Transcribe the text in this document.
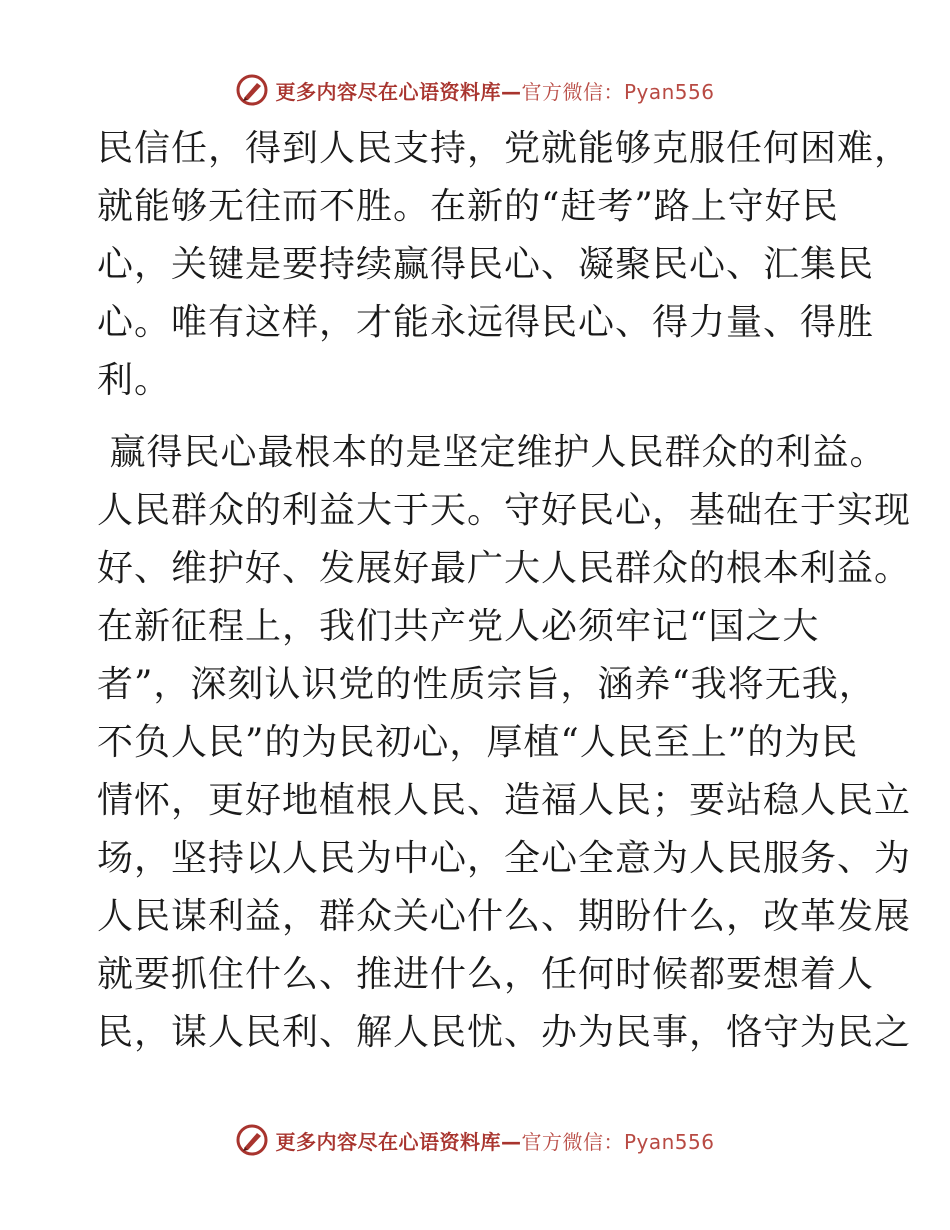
更多内容尽在心语资料库—官方微信：Pyan556
民信任，得到人民支持，党就能够克服任何困难，
就能够无往而不胜。在新的“赶考”路上守好民
心，关键是要持续赢得民心、凝聚民心、汇集民
心。唯有这样，才能永远得民心、得力量、得胜
利。
赢得民心最根本的是坚定维护人民群众的利益。
人民群众的利益大于天。守好民心，基础在于实现
好、维护好、发展好最广大人民群众的根本利益。
在新征程上，我们共产党人必须牢记“国之大
者”，深刻认识党的性质宗旨，涵养“我将无我，
不负人民”的为民初心，厚植“人民至上”的为民
情怀，更好地植根人民、造福人民；要站稳人民立
场，坚持以人民为中心，全心全意为人民服务、为
人民谋利益，群众关心什么、期盼什么，改革发展
就要抓住什么、推进什么，任何时候都要想着人
民，谋人民利、解人民忧、办为民事，恪守为民之
更多内容尽在心语资料库—官方微信：Pyan556
